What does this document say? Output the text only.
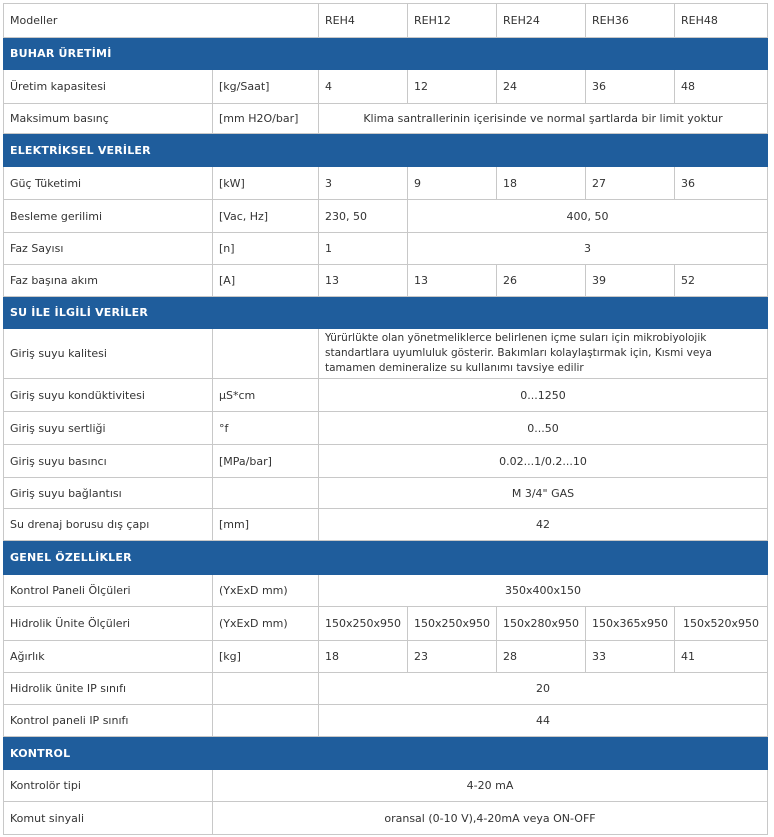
Modeller		REH4	REH12	REH24	REH36	REH48
BUHAR ÜRETİMİ						
Üretim kapasitesi	[kg/Saat]	4	12	24	36	48
Maksimum basınç	[mm H2O/bar]	Klima santrallerinin içerisinde ve normal şartlarda bir limit yoktur				
ELEKTRİKSEL VERİLER						
Güç Tüketimi	[kW]	3	9	18	27	36
Besleme gerilimi	[Vac, Hz]	230, 50	400, 50			
Faz Sayısı	[n]	1	3			
Faz başına akım	[A]	13	13	26	39	52
SU İLE İLGİLİ VERİLER						
Giriş suyu kalitesi		Yürürlükte olan yönetmeliklerce belirlenen içme suları için mikrobiyolojik standartlara uyumluluk gösterir. Bakımları kolaylaştırmak için, Kısmi veya tamamen demineralize su kullanımı tavsiye edilir				
Giriş suyu kondüktivitesi	µS*cm	0...1250				
Giriş suyu sertliği	°f	0...50				
Giriş suyu basıncı	[MPa/bar]	0.02...1/0.2...10				
Giriş suyu bağlantısı		M 3/4" GAS				
Su drenaj borusu dış çapı	[mm]	42				
GENEL ÖZELLİKLER						
Kontrol Paneli Ölçüleri	(YxExD mm)	350x400x150				
Hidrolik Ünite Ölçüleri	(YxExD mm)	150x250x950	150x250x950	150x280x950	150x365x950	150x520x950
Ağırlık	[kg]	18	23	28	33	41
Hidrolik ünite IP sınıfı		20				
Kontrol paneli IP sınıfı		44				
KONTROL						
Kontrolör tipi	4-20 mA					
Komut sinyali	oransal (0-10 V),4-20mA veya ON-OFF					
